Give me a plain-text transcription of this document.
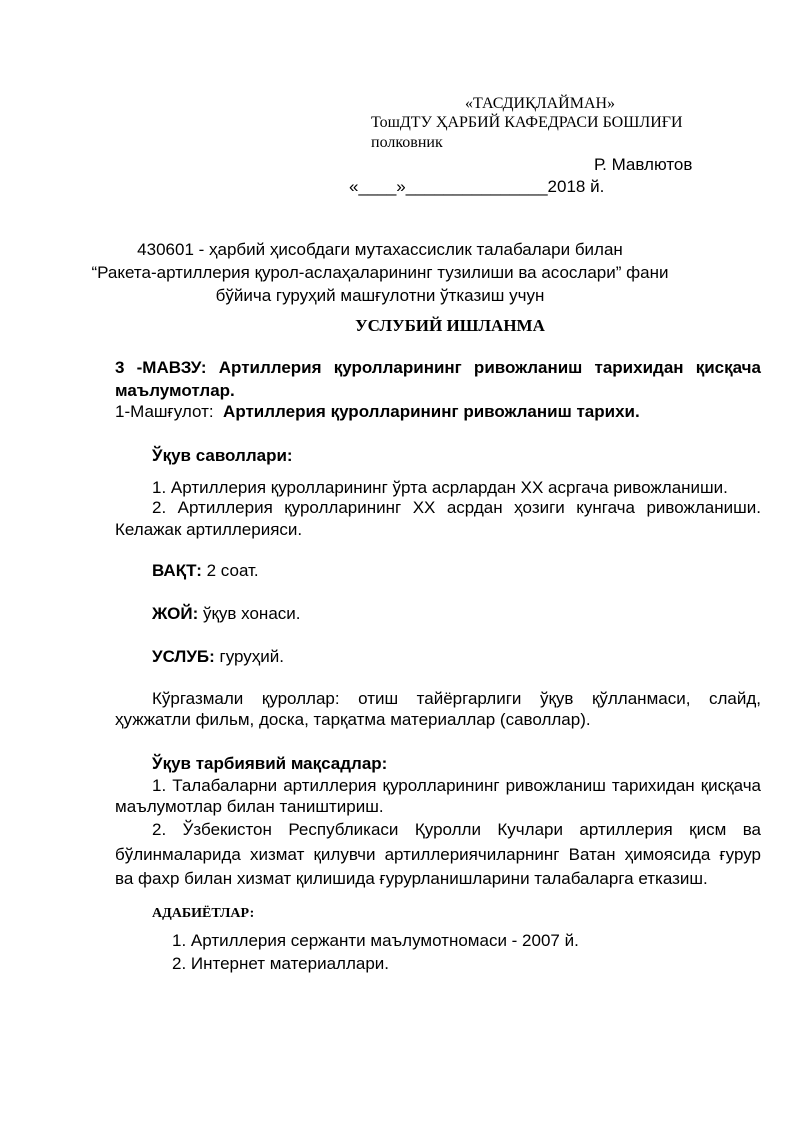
«ТАСДИҚЛАЙМАН»
ТошДТУ ҲАРБИЙ КАФЕДРАСИ БОШЛИҒИ
полковник
Р. Мавлютов
«____»_______________2018 й.
430601 - ҳарбий ҳисобдаги мутахассислик талабалари билан
“Ракета-артиллерия қурол-аслаҳаларининг тузилиши ва асослари” фани
бўйича гуруҳий машғулотни ўтказиш учун
УСЛУБИЙ ИШЛАНМА
3 -МАВЗУ: Артиллерия қуролларининг ривожланиш тарихидан қисқача
маълумотлар.
1-Машғулот: Артиллерия қуролларининг ривожланиш тарихи.
Ўқув саволлари:
1. Артиллерия қуролларининг ўрта асрлардан XX асргача ривожланиши.
2. Артиллерия қуролларининг XX асрдан ҳозиги кунгача ривожланиши.
Келажак артиллерияси.
ВАҚТ: 2 соат.
ЖОЙ: ўқув хонаси.
УСЛУБ: гуруҳий.
Кўргазмали қуроллар: отиш тайёргарлиги ўқув қўлланмаси, слайд,
ҳужжатли фильм, доска, тарқатма материаллар (саволлар).
Ўқув тарбиявий мақсадлар:
1. Талабаларни артиллерия қуролларининг ривожланиш тарихидан қисқача
маълумотлар билан таништириш.
2. Ўзбекистон Республикаси Қуролли Кучлари артиллерия қисм ва
бўлинмаларида хизмат қилувчи артиллериячиларнинг Ватан ҳимоясида ғурур
ва фахр билан хизмат қилишида ғурурланишларини талабаларга етказиш.
АДАБИЁТЛАР:
1. Артиллерия сержанти маълумотномаси - 2007 й.
2. Интернет материаллари.
